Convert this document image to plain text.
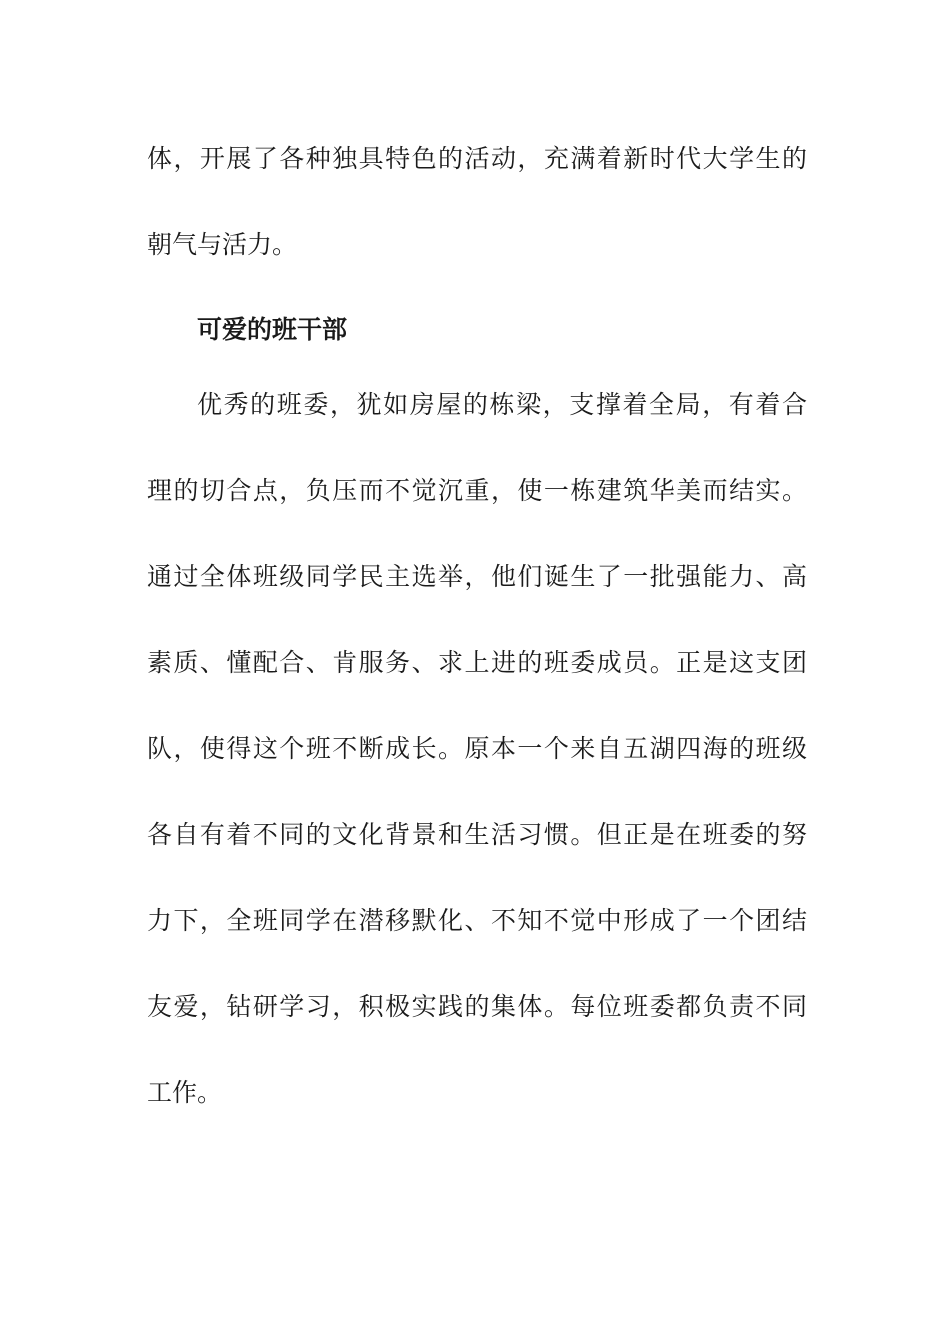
体，开展了各种独具特色的活动，充满着新时代大学生的
朝气与活力。
可爱的班干部
优秀的班委，犹如房屋的栋梁，支撑着全局，有着合
理的切合点，负压而不觉沉重，使一栋建筑华美而结实。
通过全体班级同学民主选举，他们诞生了一批强能力、高
素质、懂配合、肯服务、求上进的班委成员。正是这支团
队，使得这个班不断成长。原本一个来自五湖四海的班级
各自有着不同的文化背景和生活习惯。但正是在班委的努
力下，全班同学在潜移默化、不知不觉中形成了一个团结
友爱，钻研学习，积极实践的集体。每位班委都负责不同
工作。
